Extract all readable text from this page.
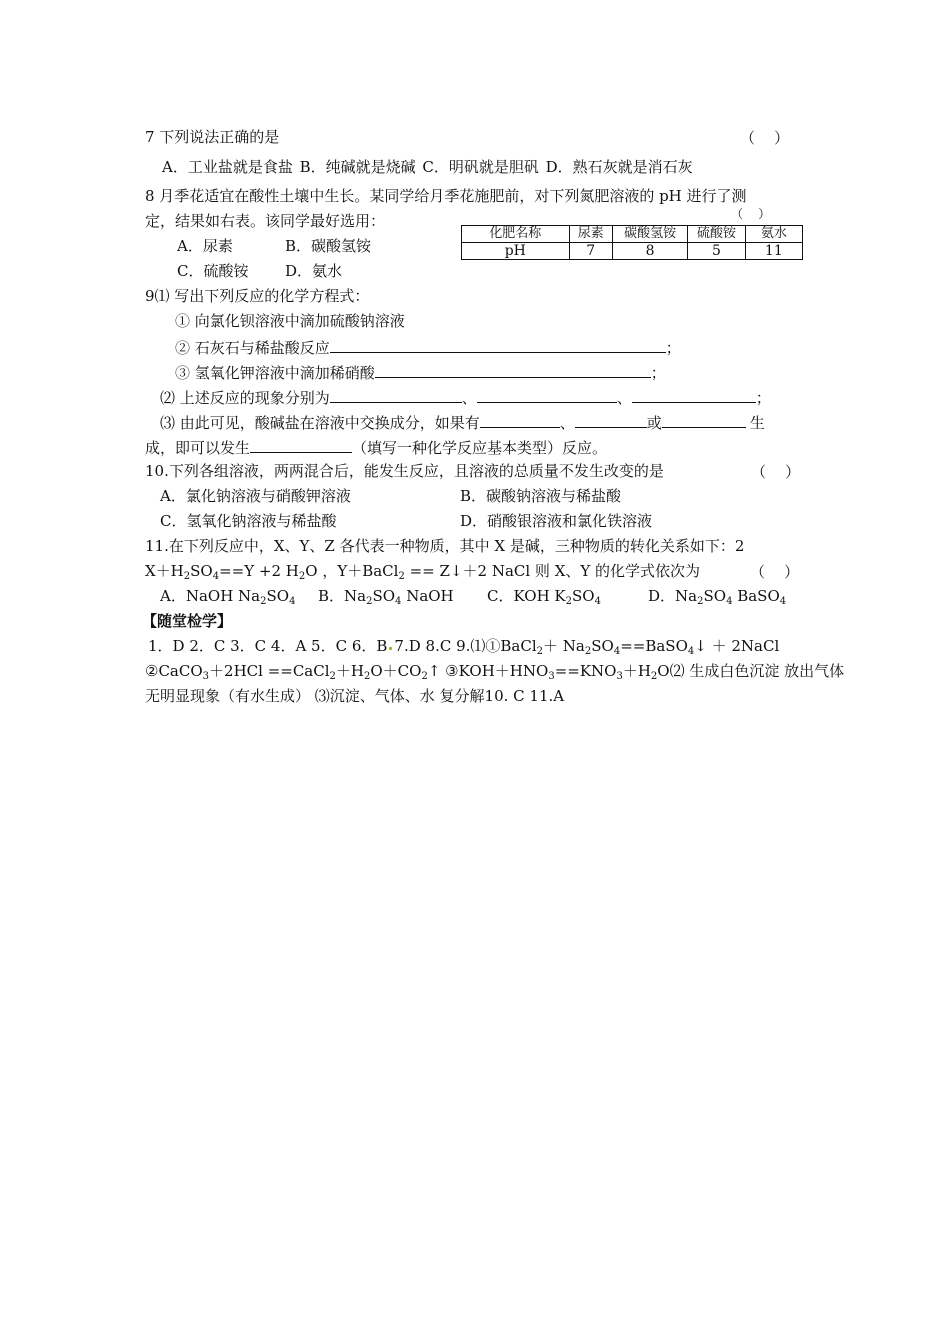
7 下列说法正确的是	（    ）
A．工业盐就是食盐 B．纯碱就是烧碱 C．明矾就是胆矾 D．熟石灰就是消石灰
8 月季花适宜在酸性土壤中生长。某同学给月季花施肥前，对下列氮肥溶液的 pH 进行了测
定，结果如右表。该同学最好选用：	（    ）
A．尿素	B．碳酸氢铵
C．硫酸铵 D．氨水
化肥名称	尿素	碳酸氢铵	硫酸铵	氨水
pH	7	8	5	11
9⑴ 写出下列反应的化学方程式：
① 向氯化钡溶液中滴加硫酸钠溶液
② 石灰石与稀盐酸反应	；
③ 氢氧化钾溶液中滴加稀硝酸	；
⑵ 上述反应的现象分别为	、	、	；
⑶ 由此可见，酸碱盐在溶液中交换成分，如果有	、	或	生
成，即可以发生	（填写一种化学反应基本类型）反应。
10.下列各组溶液，两两混合后，能发生反应，且溶液的总质量不发生改变的是	（    ）
A．氯化钠溶液与硝酸钾溶液	B．碳酸钠溶液与稀盐酸
C．氢氧化钠溶液与稀盐酸	D．硝酸银溶液和氯化铁溶液
11.在下列反应中，X、Y、Z 各代表一种物质，其中 X 是碱，三种物质的转化关系如下：2
$X+H_2SO_4==Y +2$ $H_2O$ ，Y＋BaCl$_2$ == Z↓＋2 NaCl 则 X、Y 的化学式依次为	（    ）
A．NaOH $Na_2SO_4$ B．$Na_2SO_4$ NaOH C．KOH $K_2SO_4$	D．$Na_2SO_4$ BaSO$_4$
【随堂检学】
1．D 2．C 3．C 4．A 5．C 6．B 7.D 8.C 9.⑴①BaCl$_2$＋ $Na_2SO_4==BaSO_4↓$ ＋ 2NaCl
②CaCO$_3$＋2HCl $==CaCl_2+H_2O+CO_2↑$ $③KOH+HNO_3==KNO_3+H_2O⑵$ 生成白色沉淀 放出气体
无明显现象（有水生成） ⑶沉淀、气体、水 复分解10. C 11.A
